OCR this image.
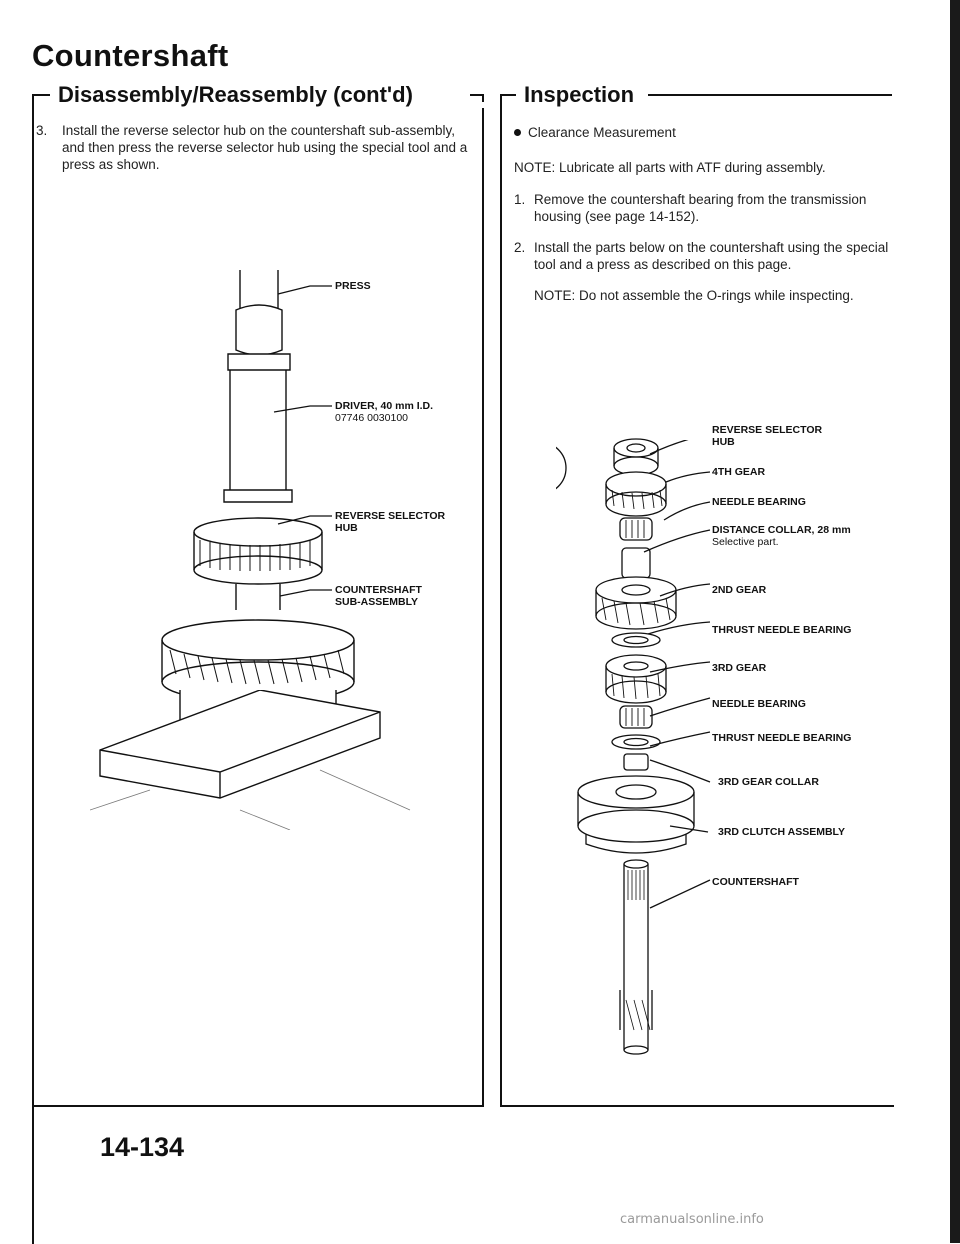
Countershaft
Disassembly/Reassembly (cont'd)	Inspection
3. Install the reverse selector hub on the countershaft sub-assembly, and then press the reverse selector hub using the special tool and a press as shown.
PRESS
DRIVER, 40 mm I.D.
07746 0030100
REVERSE SELECTOR
HUB
COUNTERSHAFT
SUB-ASSEMBLY
Clearance Measurement
NOTE: Lubricate all parts with ATF during assembly.
1. Remove the countershaft bearing from the transmission housing (see page 14-152).
2. Install the parts below on the countershaft using the special tool and a press as described on this page.
NOTE: Do not assemble the O-rings while inspecting.
REVERSE SELECTOR
HUB
4TH GEAR
NEEDLE BEARING
DISTANCE COLLAR, 28 mm
Selective part.
2ND GEAR
THRUST NEEDLE BEARING
3RD GEAR
NEEDLE BEARING
THRUST NEEDLE BEARING
3RD GEAR COLLAR
3RD CLUTCH ASSEMBLY
COUNTERSHAFT
14-134
carmanualsonline.info
